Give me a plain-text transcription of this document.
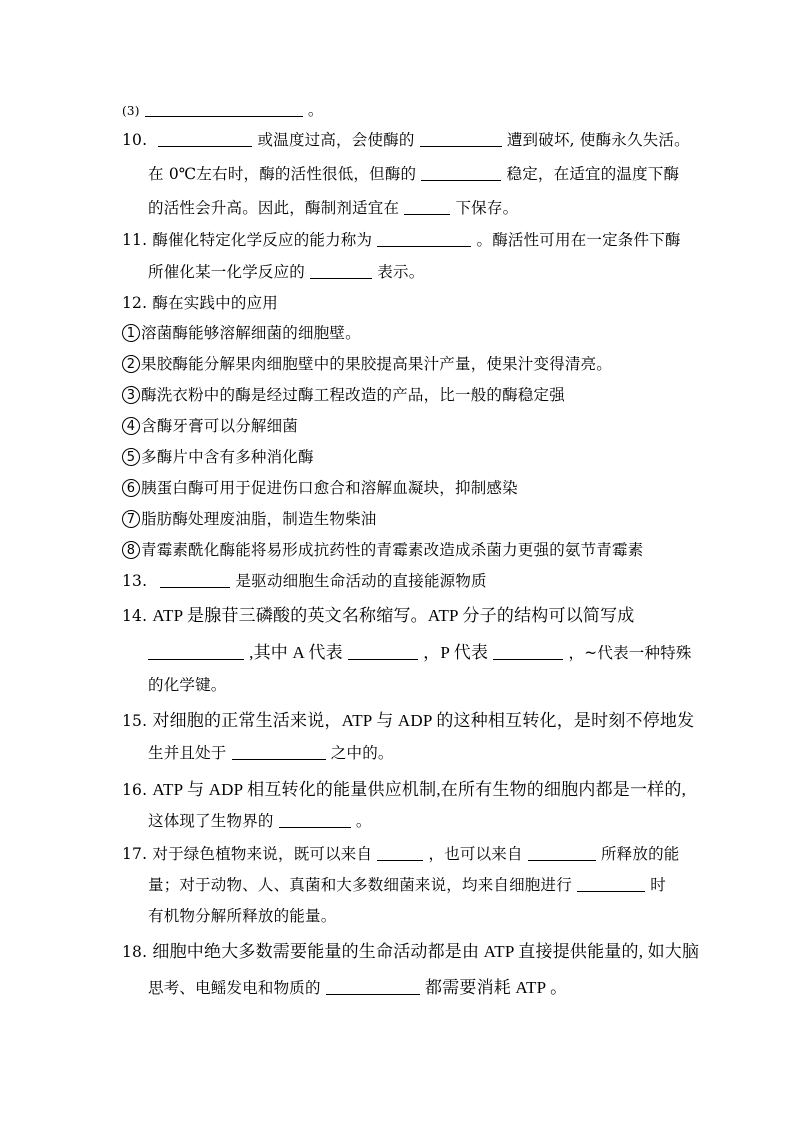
(3)	。
10.	或温度过高，会使酶的	遭到破坏, 使酶永久失活。
在 0℃左右时，酶的活性很低，但酶的	稳定，在适宜的温度下酶
的活性会升高。因此，酶制剂适宜在	下保存。
11. 酶催化特定化学反应的能力称为	。酶活性可用在一定条件下酶
所催化某一化学反应的	表示。
12. 酶在实践中的应用
1 溶菌酶能够溶解细菌的细胞壁。
2 果胶酶能分解果肉细胞壁中的果胶提高果汁产量，使果汁变得清亮。
3 酶洗衣粉中的酶是经过酶工程改造的产品，比一般的酶稳定强
4 含酶牙膏可以分解细菌
5 多酶片中含有多种消化酶
6 胰蛋白酶可用于促进伤口愈合和溶解血凝块，抑制感染
7 脂肪酶处理废油脂，制造生物柴油
8 青霉素酰化酶能将易形成抗药性的青霉素改造成杀菌力更强的氨节青霉素
13.	是驱动细胞生命活动的直接能源物质
14. ATP 是腺苷三磷酸的英文名称缩写。ATP 分子的结构可以简写成
,其中 A 代表	，P 代表	，~代表一种特殊
的化学键。
15. 对细胞的正常生活来说，ATP 与 ADP 的这种相互转化，是时刻不停地发
生并且处于	之中的。
16. ATP 与 ADP 相互转化的能量供应机制,在所有生物的细胞内都是一样的,
这体现了生物界的	。
17. 对于绿色植物来说，既可以来自	，也可以来自	所释放的能
量；对于动物、人、真菌和大多数细菌来说，均来自细胞进行	时
有机物分解所释放的能量。
18. 细胞中绝大多数需要能量的生命活动都是由 ATP 直接提供能量的, 如大脑
思考、电鳐发电和物质的	都需要消耗 ATP 。
